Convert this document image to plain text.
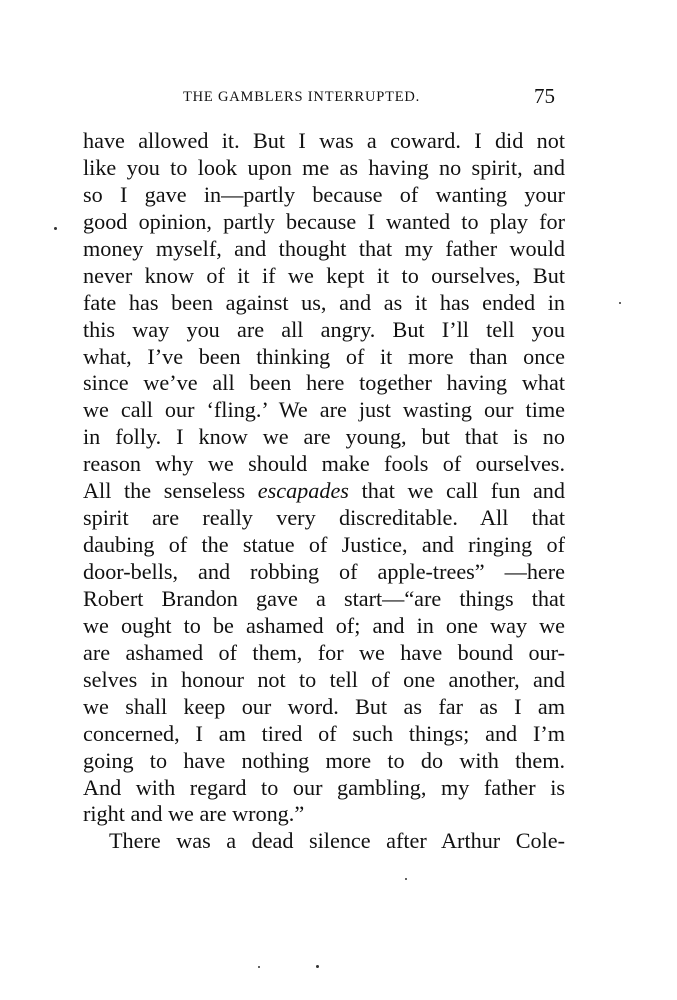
THE GAMBLERS INTERRUPTED.	75
have allowed it. But I was a coward. I did not
like you to look upon me as having no spirit, and
so I gave in—partly because of wanting your
good opinion, partly because I wanted to play for
money myself, and thought that my father would
never know of it if we kept it to ourselves, But
fate has been against us, and as it has ended in
this way you are all angry. But I’ll tell you
what, I’ve been thinking of it more than once
since we’ve all been here together having what
we call our ‘fling.’ We are just wasting our time
in folly. I know we are young, but that is no
reason why we should make fools of ourselves.
All the senseless escapades that we call fun and
spirit are really very discreditable. All that
daubing of the statue of Justice, and ringing of
door-bells, and robbing of apple-trees” —here
Robert Brandon gave a start—“are things that
we ought to be ashamed of; and in one way we
are ashamed of them, for we have bound our-
selves in honour not to tell of one another, and
we shall keep our word. But as far as I am
concerned, I am tired of such things; and I’m
going to have nothing more to do with them.
And with regard to our gambling, my father is
right and we are wrong.”
There was a dead silence after Arthur Cole-
